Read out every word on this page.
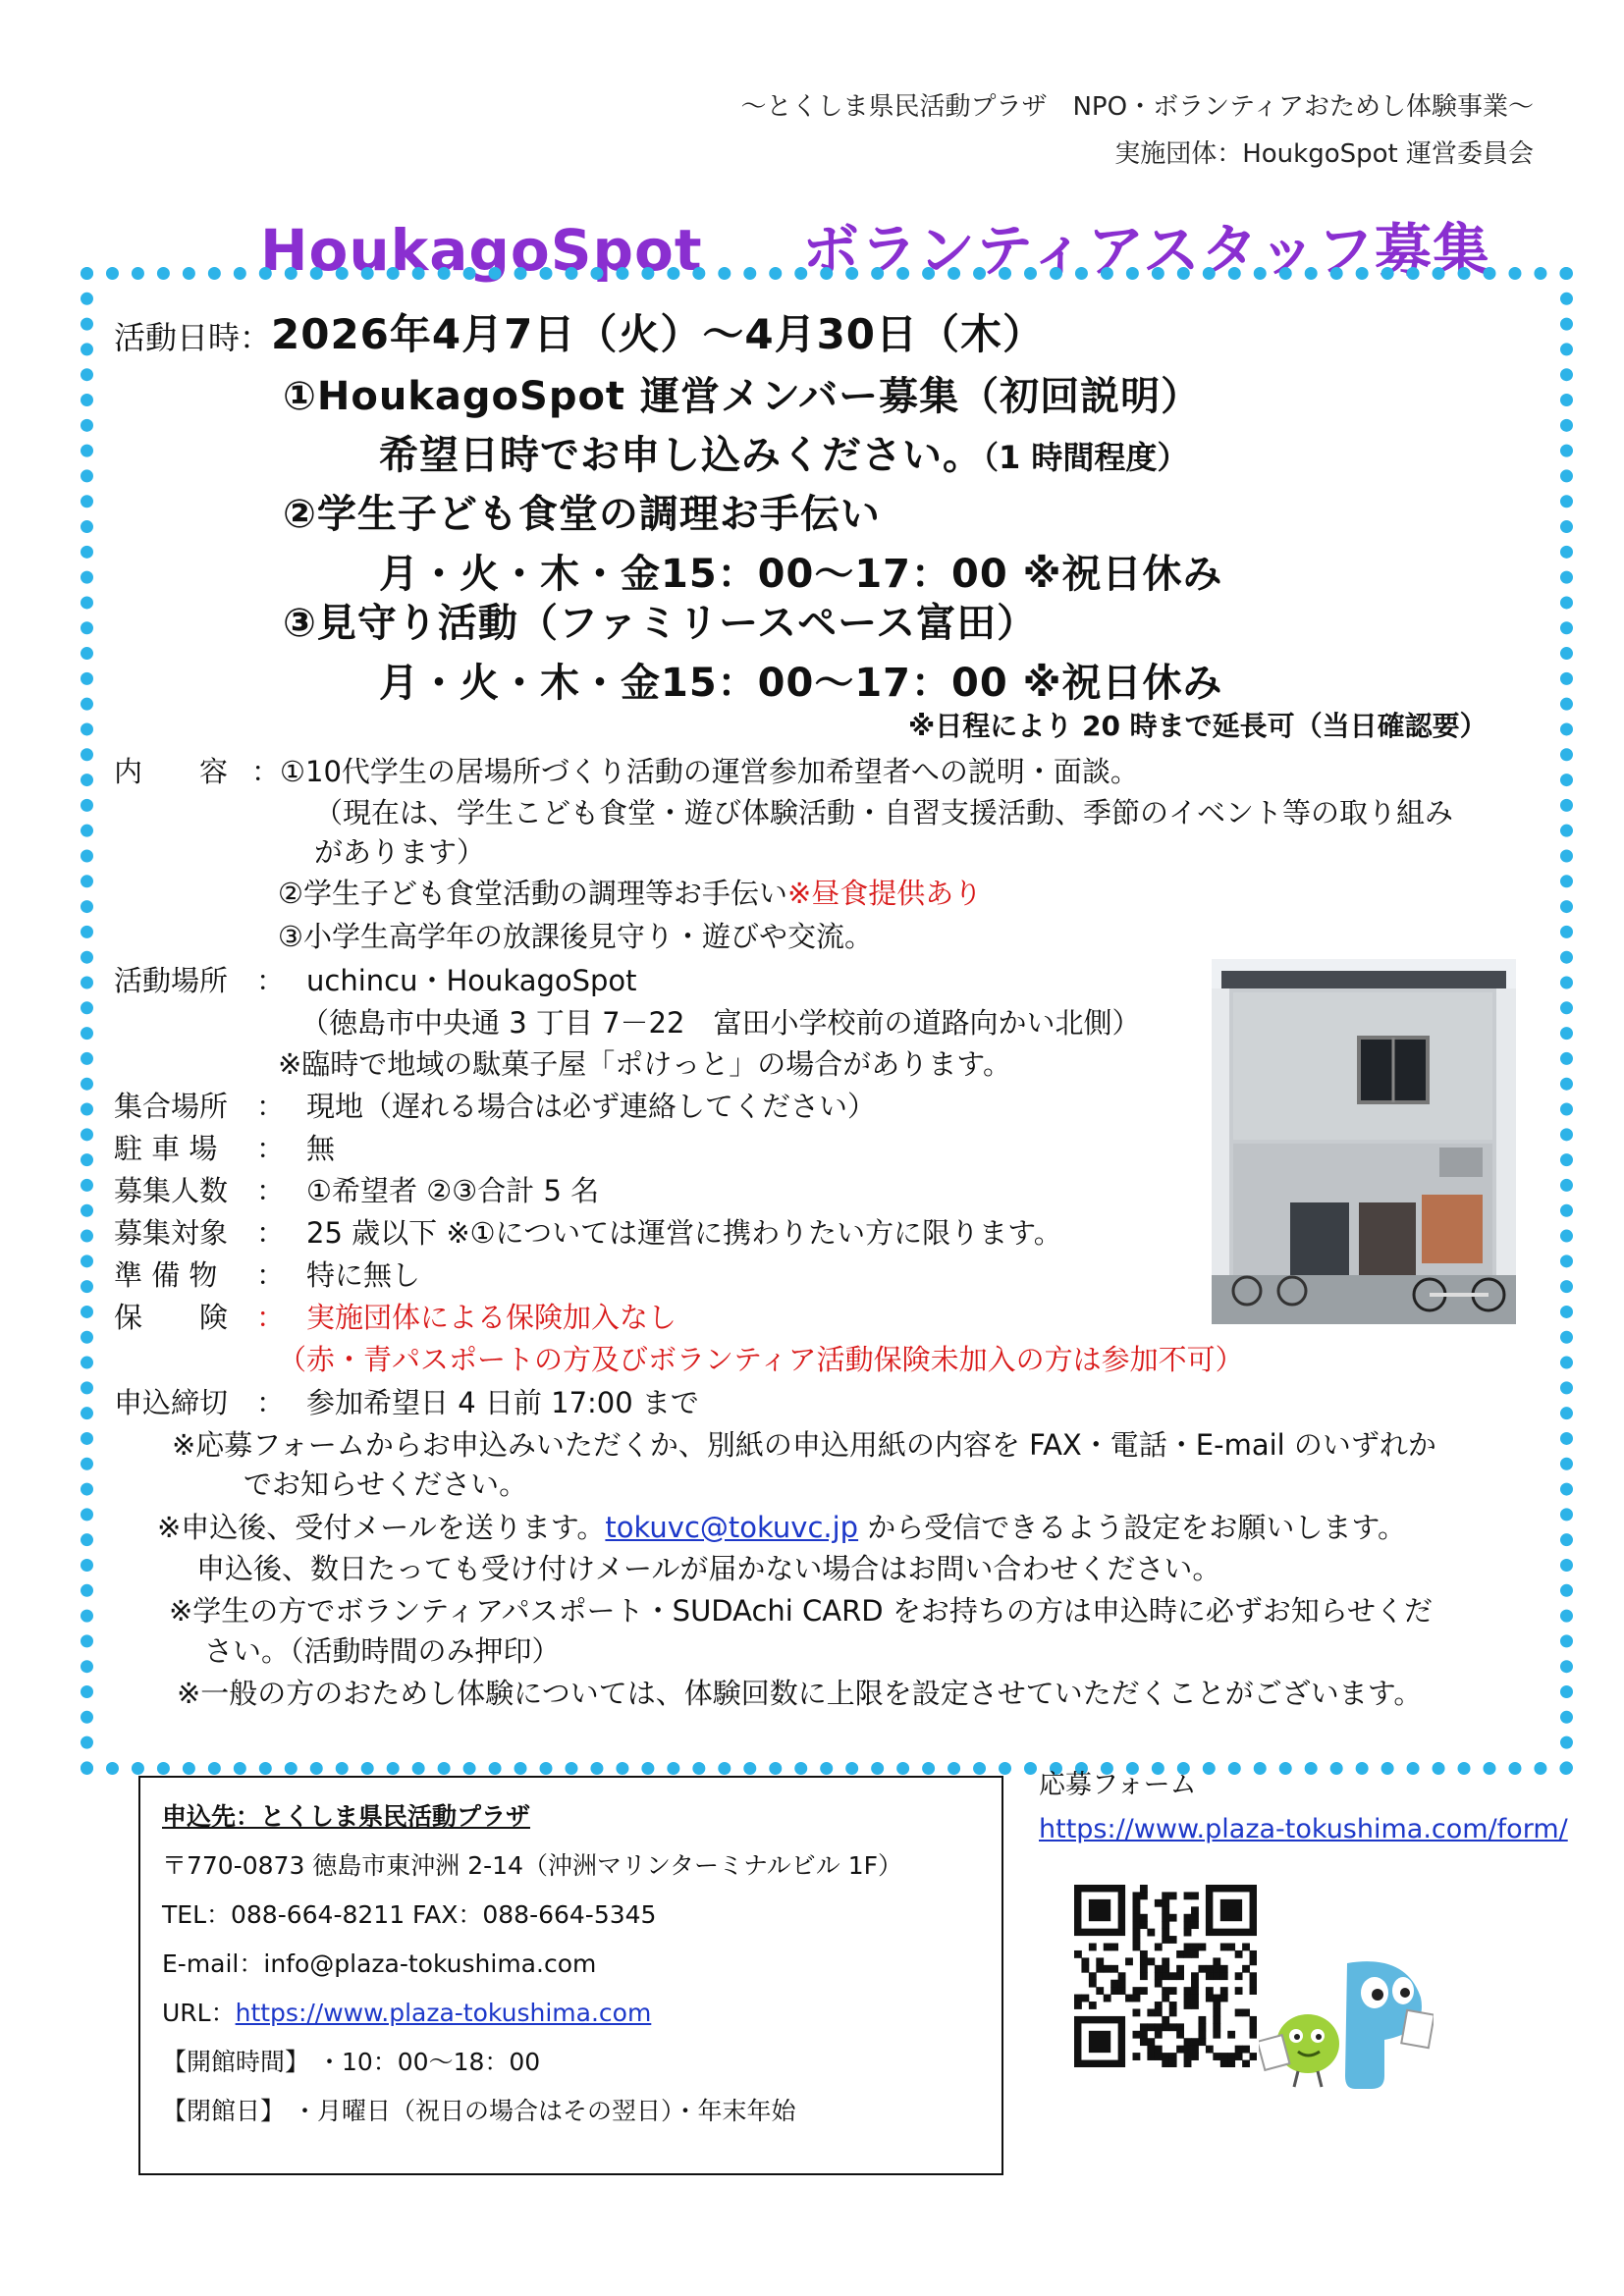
～とくしま県民活動プラザ　NPO・ボランティアおためし体験事業～
実施団体：HoukgoSpot 運営委員会
HoukagoSpot　  ボランティアスタッフ募集
活動日時：2026年4月7日（火）～4月30日（木）
①HoukagoSpot 運営メンバー募集（初回説明）
希望日時でお申し込みください。（1 時間程度）
②学生子ども食堂の調理お手伝い
月・火・木・金15：00～17：00 ※祝日休み
③見守り活動（ファミリースペース富田）
月・火・木・金15：00～17：00 ※祝日休み
※日程により 20 時まで延長可（当日確認要）
内　　容 ：①10代学生の居場所づくり活動の運営参加希望者への説明・面談。
（現在は、学生こども食堂・遊び体験活動・自習支援活動、季節のイベント等の取り組み
があります）
②学生子ども食堂活動の調理等お手伝い※昼食提供あり
③小学生高学年の放課後見守り・遊びや交流。
活動場所 ： uchincu・HoukagoSpot
（徳島市中央通 3 丁目 7－22　富田小学校前の道路向かい北側）
※臨時で地域の駄菓子屋「ポけっと」の場合があります。
集合場所 ： 現地（遅れる場合は必ず連絡してください）
駐 車 場 ： 無
募集人数 ： ①希望者 ②③合計 5 名
募集対象 ： 25 歳以下 ※①については運営に携わりたい方に限ります。
準 備 物 ： 特に無し
保　　険 ： 実施団体による保険加入なし
（赤・青パスポートの方及びボランティア活動保険未加入の方は参加不可）
申込締切 ： 参加希望日 4 日前 17:00 まで
※応募フォームからお申込みいただくか、別紙の申込用紙の内容を FAX・電話・E-mail のいずれか
でお知らせください。
※申込後、受付メールを送ります。tokuvc@tokuvc.jp から受信できるよう設定をお願いします。
申込後、数日たっても受け付けメールが届かない場合はお問い合わせください。
※学生の方でボランティアパスポート・SUDAchi CARD をお持ちの方は申込時に必ずお知らせくだ
さい。（活動時間のみ押印）
※一般の方のおためし体験については、体験回数に上限を設定させていただくことがございます。
申込先：とくしま県民活動プラザ
〒770-0873 徳島市東沖洲 2-14（沖洲マリンターミナルビル 1F）
TEL：088-664-8211 FAX：088-664-5345
E-mail：info@plaza-tokushima.com
URL：https://www.plaza-tokushima.com
【開館時間】 ・10：00～18：00
【閉館日】 ・月曜日（祝日の場合はその翌日）・年末年始
応募フォーム
https://www.plaza-tokushima.com/form/
